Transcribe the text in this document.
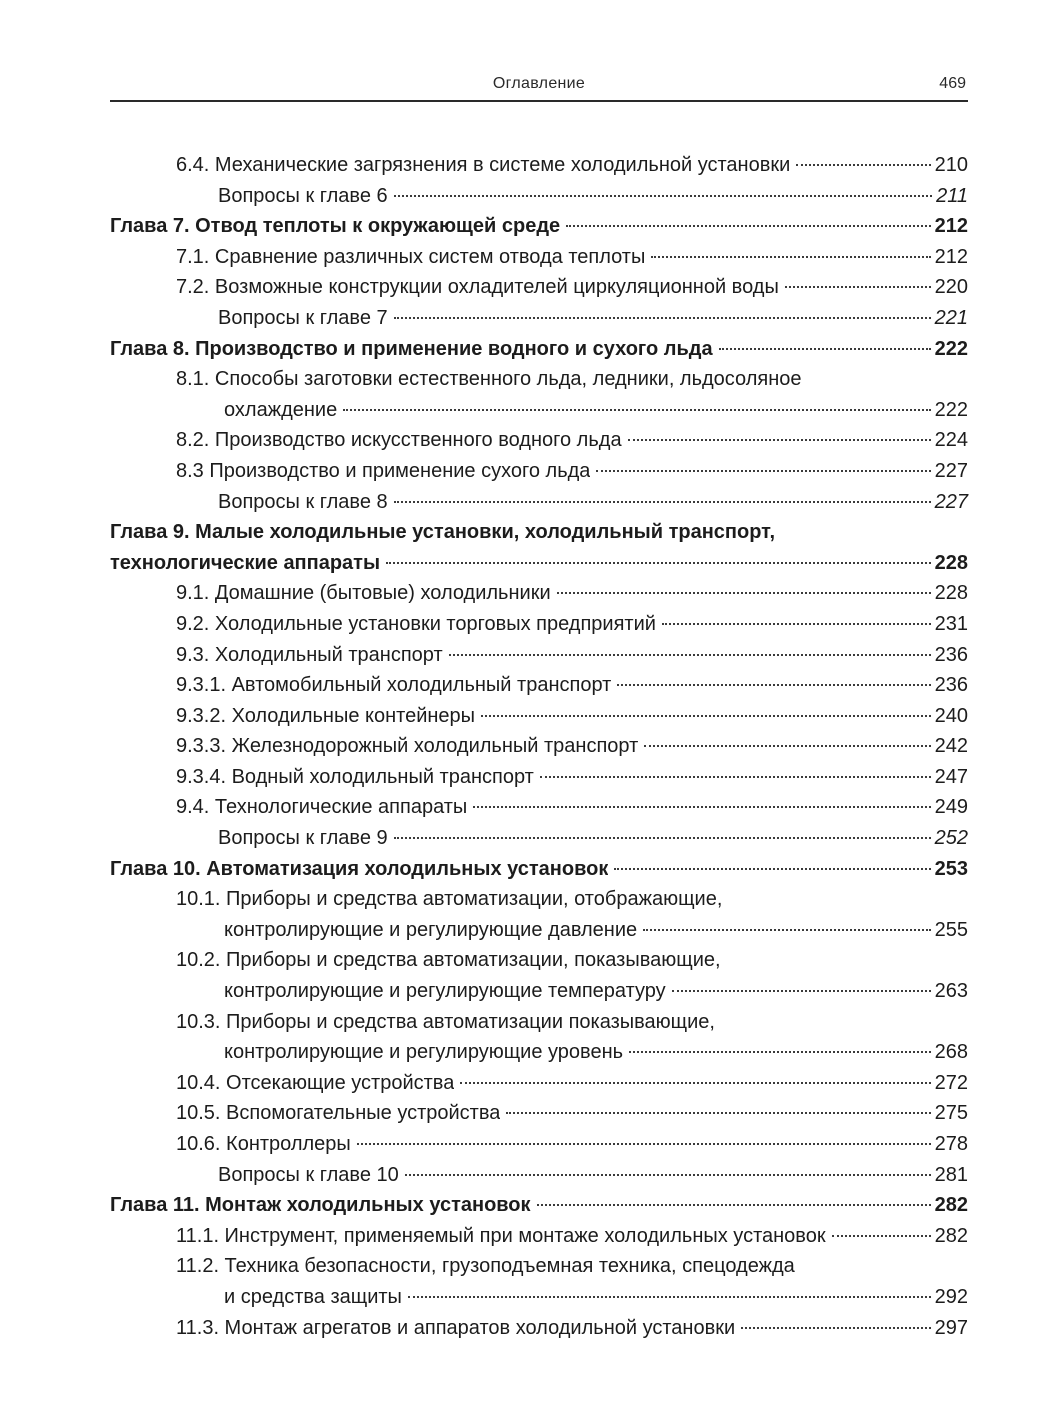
Оглавление	469
6.4. Механические загрязнения в системе холодильной установки	210
Вопросы к главе 6	211
Глава 7. Отвод теплоты к окружающей среде	212
7.1. Сравнение различных систем отвода теплоты	212
7.2. Возможные конструкции охладителей циркуляционной воды	220
Вопросы к главе 7	221
Глава 8. Производство и применение водного и сухого льда	222
8.1. Способы заготовки естественного льда, ледники, льдосоляное
охлаждение	222
8.2. Производство искусственного водного льда	224
8.3 Производство и применение сухого льда	227
Вопросы к главе 8	227
Глава 9. Малые холодильные установки, холодильный транспорт,
технологические аппараты	228
9.1. Домашние (бытовые) холодильники	228
9.2. Холодильные установки торговых предприятий	231
9.3. Холодильный транспорт	236
9.3.1. Автомобильный холодильный транспорт	236
9.3.2. Холодильные контейнеры	240
9.3.3. Железнодорожный холодильный транспорт	242
9.3.4. Водный холодильный транспорт	247
9.4. Технологические аппараты	249
Вопросы к главе 9	252
Глава 10. Автоматизация холодильных установок	253
10.1. Приборы и средства автоматизации, отображающие,
контролирующие и регулирующие давление	255
10.2. Приборы и средства автоматизации, показывающие,
контролирующие и регулирующие температуру	263
10.3. Приборы и средства автоматизации показывающие,
контролирующие и регулирующие уровень	268
10.4. Отсекающие устройства	272
10.5. Вспомогательные устройства	275
10.6. Контроллеры	278
Вопросы к главе 10	281
Глава 11. Монтаж холодильных установок	282
11.1. Инструмент, применяемый при монтаже холодильных установок	282
11.2. Техника безопасности, грузоподъемная техника, спецодежда
и средства защиты	292
11.3. Монтаж агрегатов и аппаратов холодильной установки	297
